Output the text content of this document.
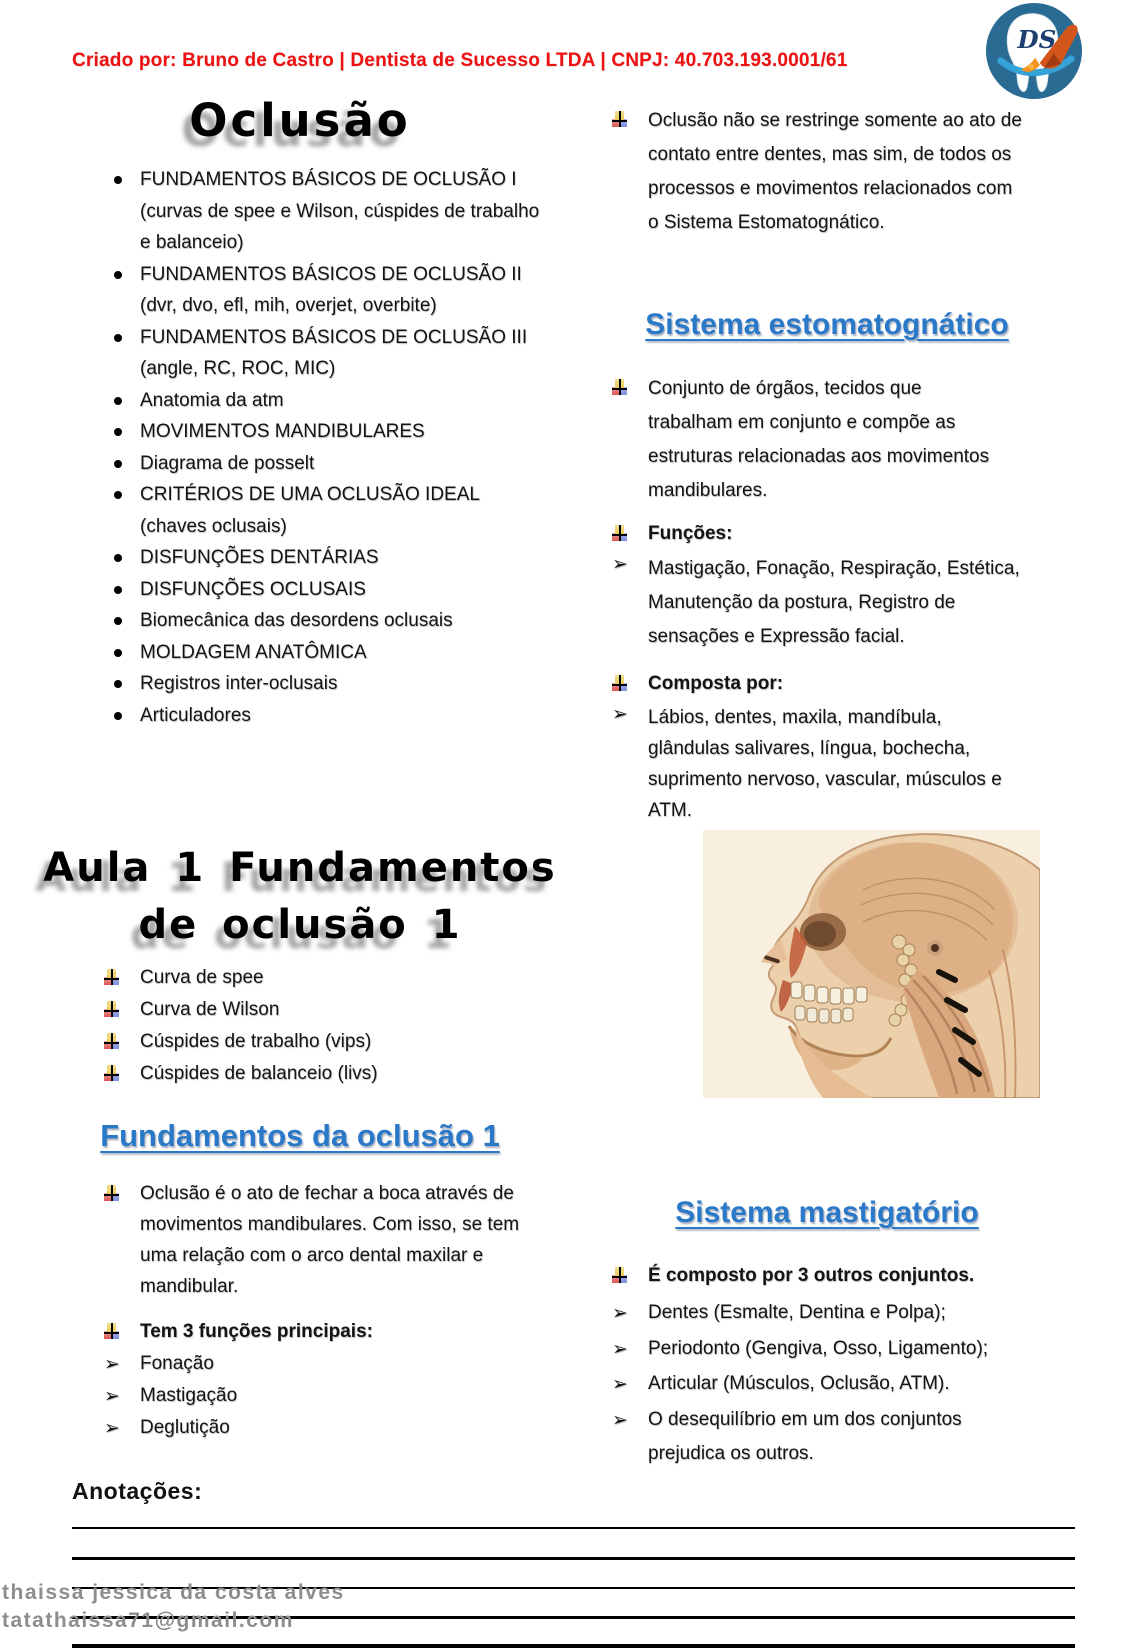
Criado por: Bruno de Castro | Dentista de Sucesso LTDA | CNPJ: 40.703.193.0001/61
DS
Oclusão
FUNDAMENTOS BÁSICOS DE OCLUSÃO I (curvas de spee e Wilson, cúspides de trabalho e balanceio)
FUNDAMENTOS BÁSICOS DE OCLUSÃO II (dvr, dvo, efl, mih, overjet, overbite)
FUNDAMENTOS BÁSICOS DE OCLUSÃO III (angle, RC, ROC, MIC)
Anatomia da atm
MOVIMENTOS MANDIBULARES
Diagrama de posselt
CRITÉRIOS DE UMA OCLUSÃO IDEAL (chaves oclusais)
DISFUNÇÕES DENTÁRIAS
DISFUNÇÕES OCLUSAIS
Biomecânica das desordens oclusais
MOLDAGEM ANATÔMICA
Registros inter-oclusais
Articuladores
Aula 1 Fundamentos
de oclusão 1
Curva de spee
Curva de Wilson
Cúspides de trabalho (vips)
Cúspides de balanceio (livs)
Fundamentos da oclusão 1
Oclusão é o ato de fechar a boca através de movimentos mandibulares. Com isso, se tem uma relação com o arco dental maxilar e mandibular.
Tem 3 funções principais:
➢ Fonação
➢ Mastigação
➢ Deglutição
Oclusão não se restringe somente ao ato de contato entre dentes, mas sim, de todos os processos e movimentos relacionados com o Sistema Estomatognático.
Sistema estomatognático
Conjunto de órgãos, tecidos que trabalham em conjunto e compõe as estruturas relacionadas aos movimentos mandibulares.
Funções:
➢ Mastigação, Fonação, Respiração, Estética, Manutenção da postura, Registro de sensações e Expressão facial.
Composta por:
➢ Lábios, dentes, maxila, mandíbula, glândulas salivares, língua, bochecha, suprimento nervoso, vascular, músculos e ATM.
Sistema mastigatório
É composto por 3 outros conjuntos.
➢ Dentes (Esmalte, Dentina e Polpa);
➢ Periodonto (Gengiva, Osso, Ligamento);
➢ Articular (Músculos, Oclusão, ATM).
➢ O desequilíbrio em um dos conjuntos prejudica os outros.
Anotações:
thaissa jessica da costa alves
tatathaissa71@gmail.com
